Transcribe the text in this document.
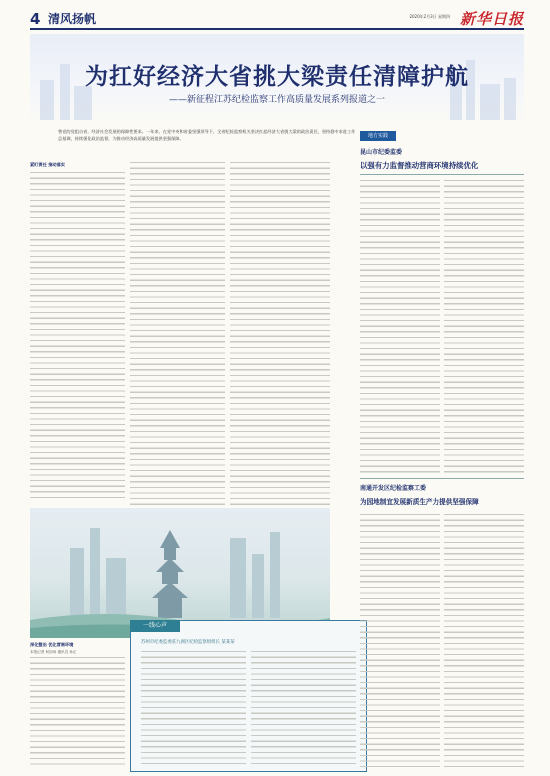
4 清风扬帆	2020年2月3日 星期四 新华日报
为扛好经济大省挑大梁责任清障护航
——新征程江苏纪检监察工作高质量发展系列报道之一
曾党的党组自省，经济社会发展的保障性要求。一年来，在党中央和省委坚强领导下，全省纪检监察机关坚决扛起经济大省挑大梁的政治责任，坚持稳中求进工作总基调，持续强化政治监督，为推动经济高质量发展提供坚强保障。
紧盯责任 推动落实
深化整治 优化营商环境
本报记者 何如何 通讯员 孙正
一线心声
苏州市纪委监委驻九洲区纪检监察组组长 某某某
地方实践
昆山市纪委监委
以强有力监督推动营商环境持续优化
南通开发区纪检监察工委
为园地制宜发展新质生产力提供坚强保障
